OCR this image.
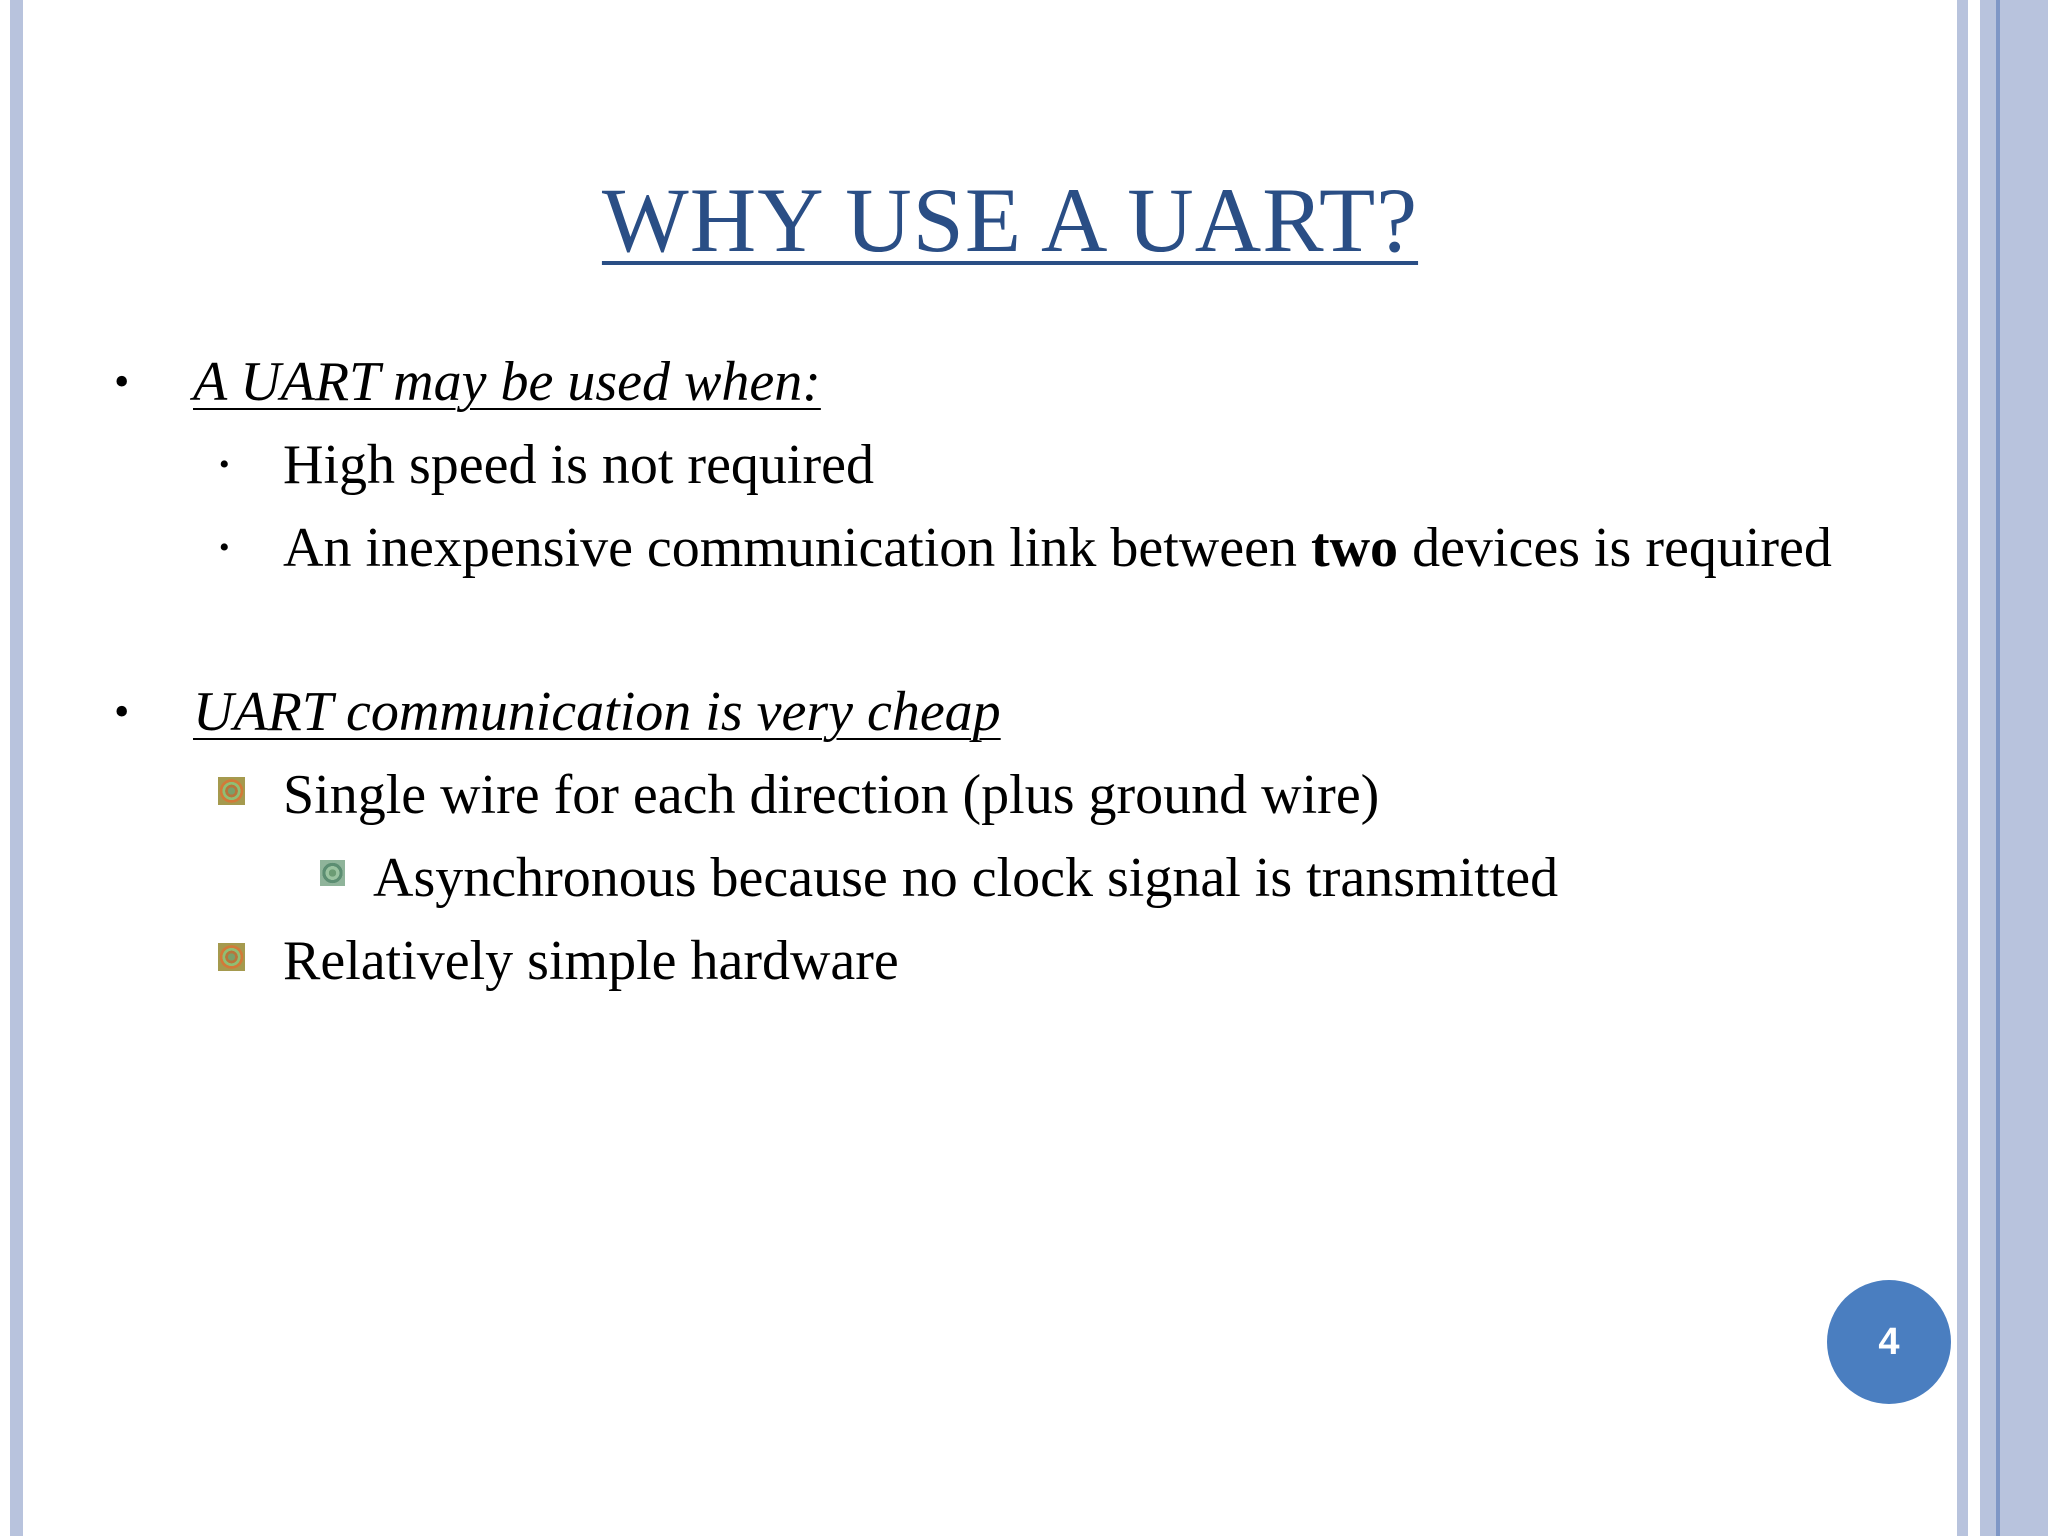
WHY USE A UART?
• A UART may be used when:
• High speed is not required
• An inexpensive communication link between two devices is required
• UART communication is very cheap
Single wire for each direction (plus ground wire)
Asynchronous because no clock signal is transmitted
Relatively simple hardware
4
